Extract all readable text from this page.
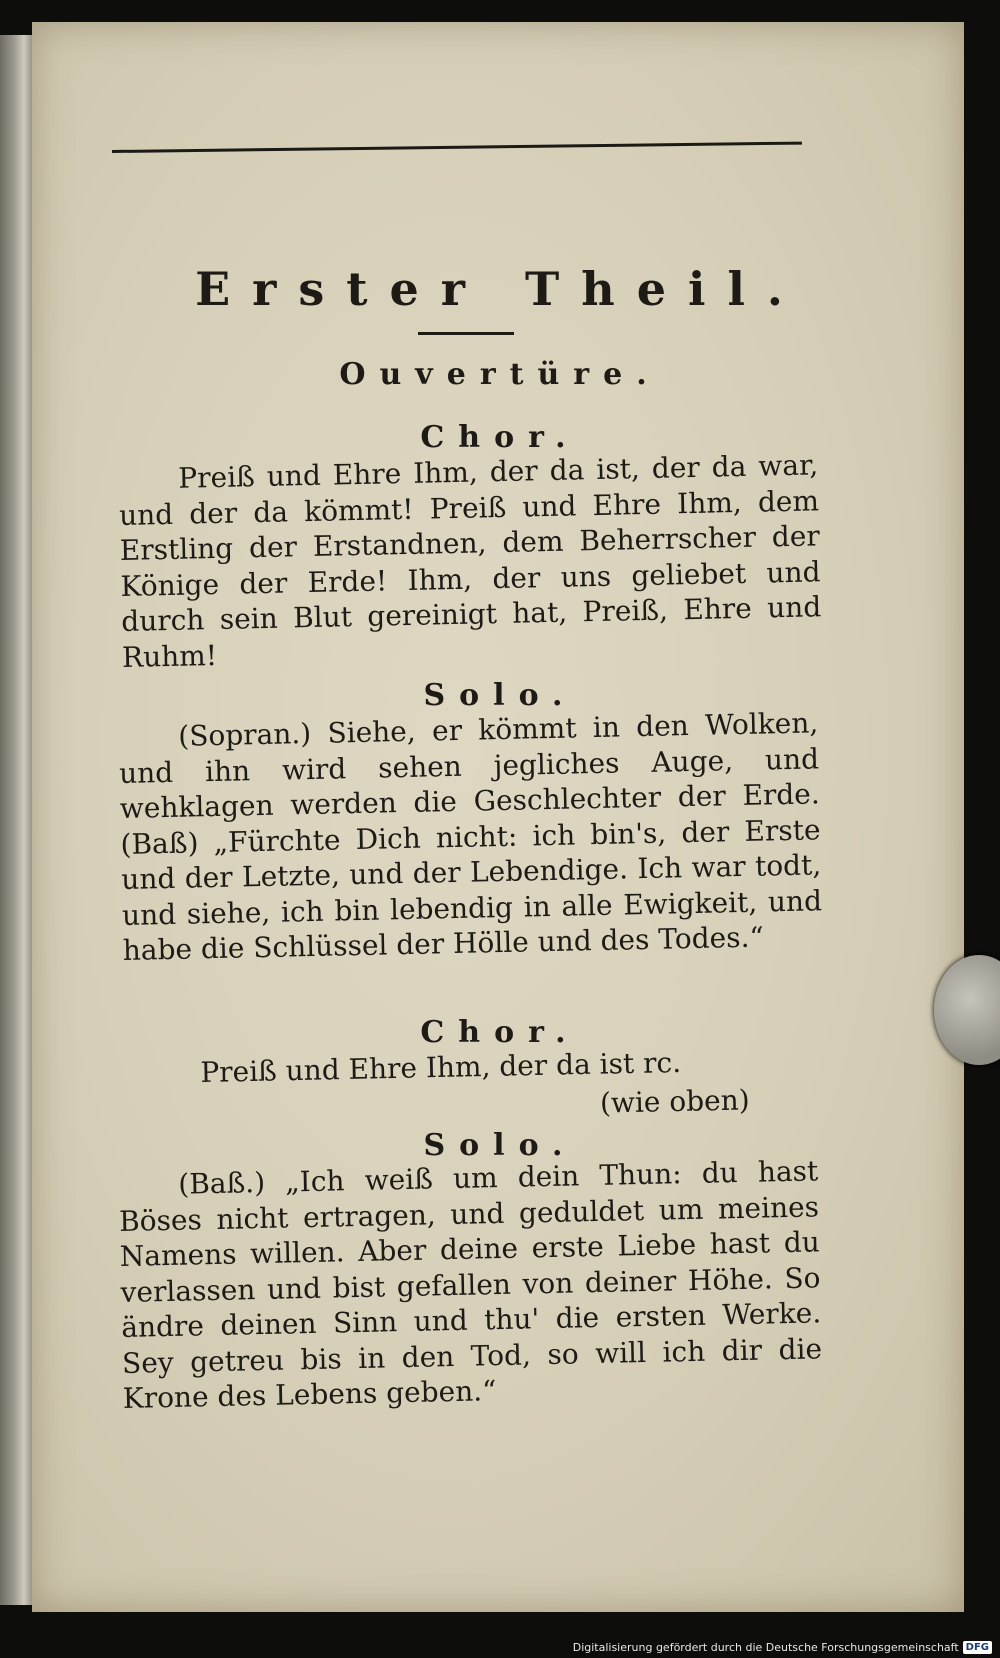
Erster Theil.
Ouvertüre.
Chor.
Preiß und Ehre Ihm, der da ist, der da war, und der da kömmt! Preiß und Ehre Ihm, dem Erstling der Erstandnen, dem Beherrscher der Könige der Erde! Ihm, der uns geliebet und durch sein Blut gereinigt hat, Preiß, Ehre und Ruhm!
Solo.
(Sopran.) Siehe, er kömmt in den Wolken, und ihn wird sehen jegliches Auge, und wehklagen werden die Geschlechter der Erde. (Baß) „Fürchte Dich nicht: ich bin's, der Erste und der Letzte, und der Lebendige. Ich war todt, und siehe, ich bin lebendig in alle Ewigkeit, und habe die Schlüssel der Hölle und des Todes.“
Chor.
Preiß und Ehre Ihm, der da ist rc.
(wie oben)
Solo.
(Baß.) „Ich weiß um dein Thun: du hast Böses nicht ertragen, und geduldet um meines Namens willen. Aber deine erste Liebe hast du verlassen und bist gefallen von deiner Höhe. So ändre deinen Sinn und thu' die ersten Werke. Sey getreu bis in den Tod, so will ich dir die Krone des Lebens geben.“
Digitalisierung gefördert durch die Deutsche Forschungsgemeinschaft DFG
